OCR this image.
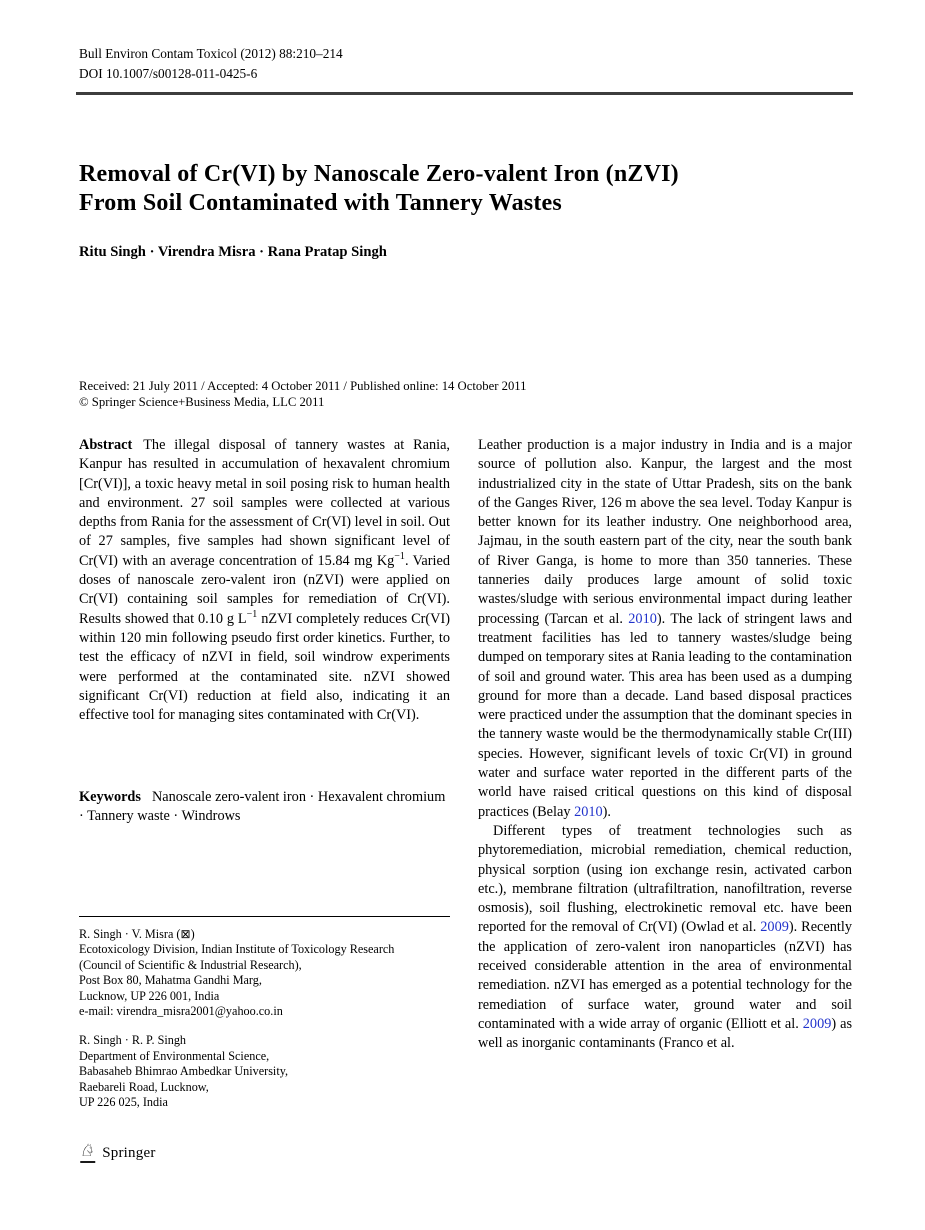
Bull Environ Contam Toxicol (2012) 88:210–214
DOI 10.1007/s00128-011-0425-6
Removal of Cr(VI) by Nanoscale Zero-valent Iron (nZVI)
From Soil Contaminated with Tannery Wastes
Ritu Singh · Virendra Misra · Rana Pratap Singh
Received: 21 July 2011 / Accepted: 4 October 2011 / Published online: 14 October 2011
© Springer Science+Business Media, LLC 2011
Abstract The illegal disposal of tannery wastes at Rania, Kanpur has resulted in accumulation of hexavalent chromium [Cr(VI)], a toxic heavy metal in soil posing risk to human health and environment. 27 soil samples were collected at various depths from Rania for the assessment of Cr(VI) level in soil. Out of 27 samples, five samples had shown significant level of Cr(VI) with an average concentration of 15.84 mg $Kg^{-1}$. Varied doses of nanoscale zero-valent iron (nZVI) were applied on Cr(VI) containing soil samples for remediation of Cr(VI). Results showed that 0.10 g $L^{-1}$ nZVI completely reduces Cr(VI) within 120 min following pseudo first order kinetics. Further, to test the efficacy of nZVI in field, soil windrow experiments were performed at the contaminated site. nZVI showed significant Cr(VI) reduction at field also, indicating it an effective tool for managing sites contaminated with Cr(VI).
Keywords Nanoscale zero-valent iron · Hexavalent chromium · Tannery waste · Windrows
Leather production is a major industry in India and is a major source of pollution also. Kanpur, the largest and the most industrialized city in the state of Uttar Pradesh, sits on the bank of the Ganges River, 126 m above the sea level. Today Kanpur is better known for its leather industry. One neighborhood area, Jajmau, in the south eastern part of the city, near the south bank of River Ganga, is home to more than 350 tanneries. These tanneries daily produces large amount of solid toxic wastes/sludge with serious environmental impact during leather processing (Tarcan et al. 2010). The lack of stringent laws and treatment facilities has led to tannery wastes/sludge being dumped on temporary sites at Rania leading to the contamination of soil and ground water. This area has been used as a dumping ground for more than a decade. Land based disposal practices were practiced under the assumption that the dominant species in the tannery waste would be the thermodynamically stable Cr(III) species. However, significant levels of toxic Cr(VI) in ground water and surface water reported in the different parts of the world have raised critical questions on this kind of disposal practices (Belay 2010).
Different types of treatment technologies such as phytoremediation, microbial remediation, chemical reduction, physical sorption (using ion exchange resin, activated carbon etc.), membrane filtration (ultrafiltration, nanofiltration, reverse osmosis), soil flushing, electrokinetic removal etc. have been reported for the removal of Cr(VI) (Owlad et al. 2009). Recently the application of zero-valent iron nanoparticles (nZVI) has received considerable attention in the area of environmental remediation. nZVI has emerged as a potential technology for the remediation of surface water, ground water and soil contaminated with a wide array of organic (Elliott et al. 2009) as well as inorganic contaminants (Franco et al.
R. Singh · V. Misra (⊠)
Ecotoxicology Division, Indian Institute of Toxicology Research
(Council of Scientific & Industrial Research),
Post Box 80, Mahatma Gandhi Marg,
Lucknow, UP 226 001, India
e-mail: virendra_misra2001@yahoo.co.in
R. Singh · R. P. Singh
Department of Environmental Science,
Babasaheb Bhimrao Ambedkar University,
Raebareli Road, Lucknow,
UP 226 025, India
♘ Springer
